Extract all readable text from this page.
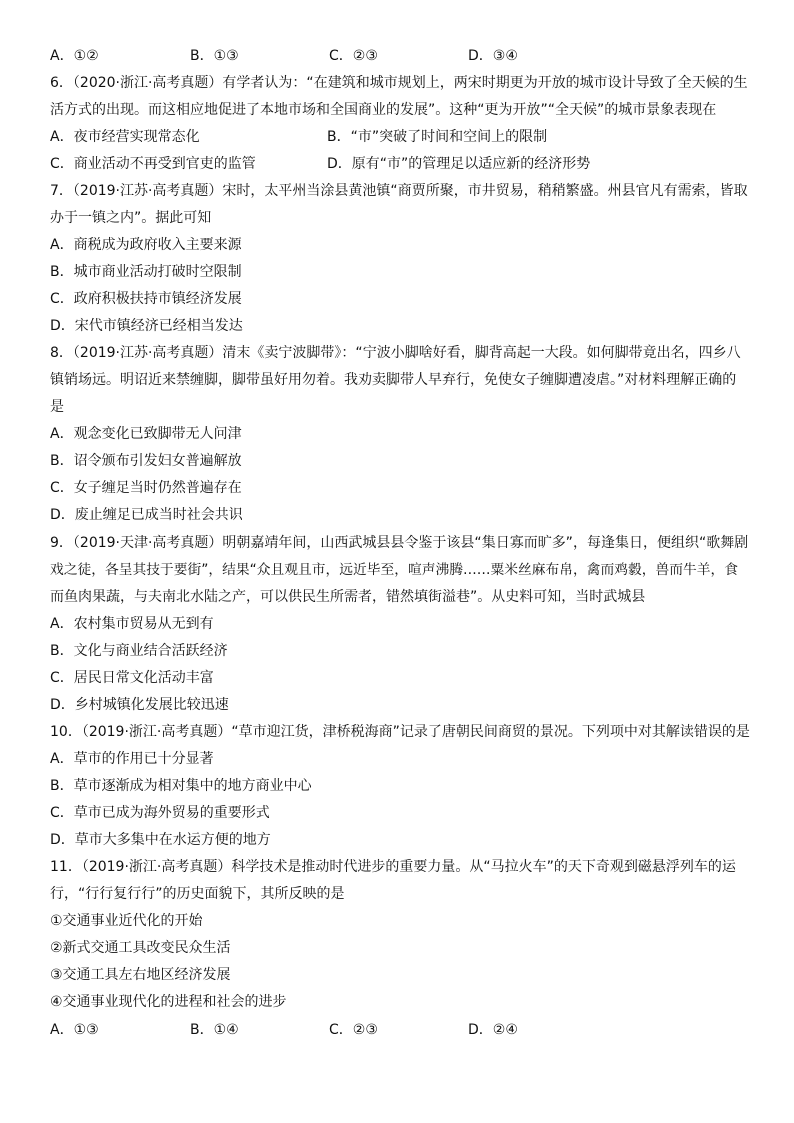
A．①②	B．①③	C．②③	D．③④
6．（2020·浙江·高考真题）有学者认为：“在建筑和城市规划上，两宋时期更为开放的城市设计导致了全天候的生
活方式的出现。而这相应地促进了本地市场和全国商业的发展”。这种“更为开放”“全天候”的城市景象表现在
A．夜市经营实现常态化	B．“市”突破了时间和空间上的限制
C．商业活动不再受到官吏的监管	D．原有“市”的管理足以适应新的经济形势
7．（2019·江苏·高考真题）宋时，太平州当涂县黄池镇“商贾所聚，市井贸易，稍稍繁盛。州县官凡有需索，皆取
办于一镇之内”。据此可知
A．商税成为政府收入主要来源
B．城市商业活动打破时空限制
C．政府积极扶持市镇经济发展
D．宋代市镇经济已经相当发达
8．（2019·江苏·高考真题）清末《卖宁波脚带》：“宁波小脚啥好看，脚背高起一大段。如何脚带竟出名，四乡八
镇销场远。明诏近来禁缠脚，脚带虽好用勿着。我劝卖脚带人早弃行，免使女子缠脚遭凌虐。”对材料理解正确的
是
A．观念变化已致脚带无人问津
B．诏令颁布引发妇女普遍解放
C．女子缠足当时仍然普遍存在
D．废止缠足已成当时社会共识
9．（2019·天津·高考真题）明朝嘉靖年间，山西武城县县令鉴于该县“集日寡而旷多”，每逢集日，便组织“歌舞剧
戏之徒，各呈其技于要街”，结果“众且观且市，远近毕至，喧声沸腾……粟米丝麻布帛，禽而鸡豰，兽而牛羊，食
而鱼肉果蔬，与夫南北水陆之产，可以供民生所需者，错然填街溢巷”。从史料可知，当时武城县
A．农村集市贸易从无到有
B．文化与商业结合活跃经济
C．居民日常文化活动丰富
D．乡村城镇化发展比较迅速
10．（2019·浙江·高考真题）“草市迎江货，津桥税海商”记录了唐朝民间商贸的景况。下列项中对其解读错误的是
A．草市的作用已十分显著
B．草市逐渐成为相对集中的地方商业中心
C．草市已成为海外贸易的重要形式
D．草市大多集中在水运方便的地方
11．（2019·浙江·高考真题）科学技术是推动时代进步的重要力量。从“马拉火车”的天下奇观到磁悬浮列车的运
行，“行行复行行”的历史面貌下，其所反映的是
①交通事业近代化的开始
②新式交通工具改变民众生活
③交通工具左右地区经济发展
④交通事业现代化的进程和社会的进步
A．①③	B．①④	C．②③	D．②④
